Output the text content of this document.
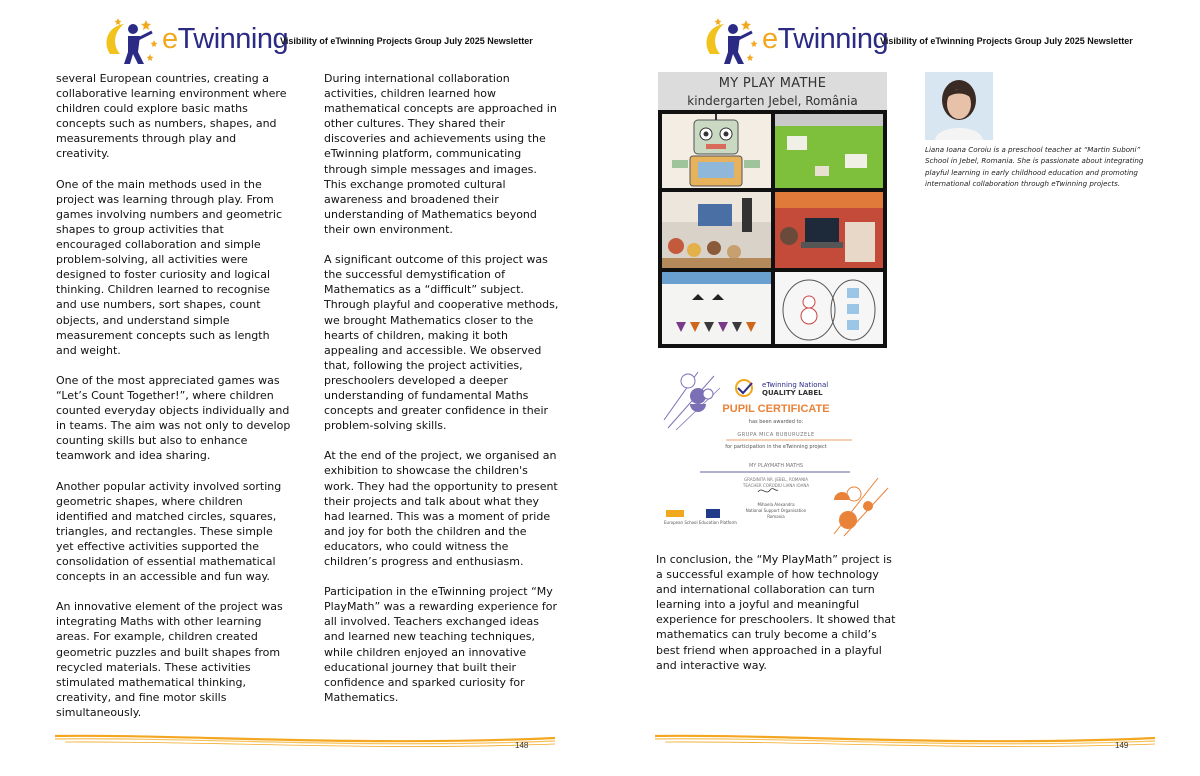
eTwinning
Visibility of eTwinning Projects Group July 2025 Newsletter

several European countries, creating a collaborative learning environment where children could explore basic maths concepts such as numbers, shapes, and measurements through play and creativity.

One of the main methods used in the project was learning through play. From games involving numbers and geometric shapes to group activities that encouraged collaboration and simple problem-solving, all activities were designed to foster curiosity and logical thinking. Children learned to recognise and use numbers, sort shapes, count objects, and understand simple measurement concepts such as length and weight.

One of the most appreciated games was “Let’s Count Together!”, where children counted everyday objects individually and in teams. The aim was not only to develop counting skills but also to enhance teamwork and idea sharing.

Another popular activity involved sorting geometric shapes, where children identified and matched circles, squares, triangles, and rectangles. These simple yet effective activities supported the consolidation of essential mathematical concepts in an accessible and fun way.

An innovative element of the project was integrating Maths with other learning areas. For example, children created geometric puzzles and built shapes from recycled materials. These activities stimulated mathematical thinking, creativity, and fine motor skills simultaneously.

During international collaboration activities, children learned how mathematical concepts are approached in other cultures. They shared their discoveries and achievements using the eTwinning platform, communicating through simple messages and images. This exchange promoted cultural awareness and broadened their understanding of Mathematics beyond their own environment.

A significant outcome of this project was the successful demystification of Mathematics as a “difficult” subject. Through playful and cooperative methods, we brought Mathematics closer to the hearts of children, making it both appealing and accessible. We observed that, following the project activities, preschoolers developed a deeper understanding of fundamental Maths concepts and greater confidence in their problem-solving skills.

At the end of the project, we organised an exhibition to showcase the children's work. They had the opportunity to present their projects and talk about what they had learned. This was a moment of pride and joy for both the children and the educators, who could witness the children’s progress and enthusiasm.

Participation in the eTwinning project “My PlayMath” was a rewarding experience for all involved. Teachers exchanged ideas and learned new teaching techniques, while children enjoyed an innovative educational journey that built their confidence and sparked curiosity for Mathematics.

148
eTwinning
Visibility of eTwinning Projects Group July 2025 Newsletter
MY PLAY MATHE
kindergarten Jebel, România
eTwinning National
QUALITY LABEL
PUPIL CERTIFICATE
has been awarded to:
GRUPA MICA BUBURUZELE
for participation in the eTwinning project
MY PLAYMATH MATHS
GRADINITA NR. JEBEL, ROMANIA
TEACHER CORODIU LIANA IOANA
Mihaela Alexandra
National Support Organisation
Romania
European School Education Platform

In conclusion, the “My PlayMath” project is a successful example of how technology and international collaboration can turn learning into a joyful and meaningful experience for preschoolers. It showed that mathematics can truly become a child’s best friend when approached in a playful and interactive way.

Liana Ioana Coroiu is a preschool teacher at “Martin Suboni” School in Jebel, Romania. She is passionate about integrating playful learning in early childhood education and promoting international collaboration through eTwinning projects.
149
